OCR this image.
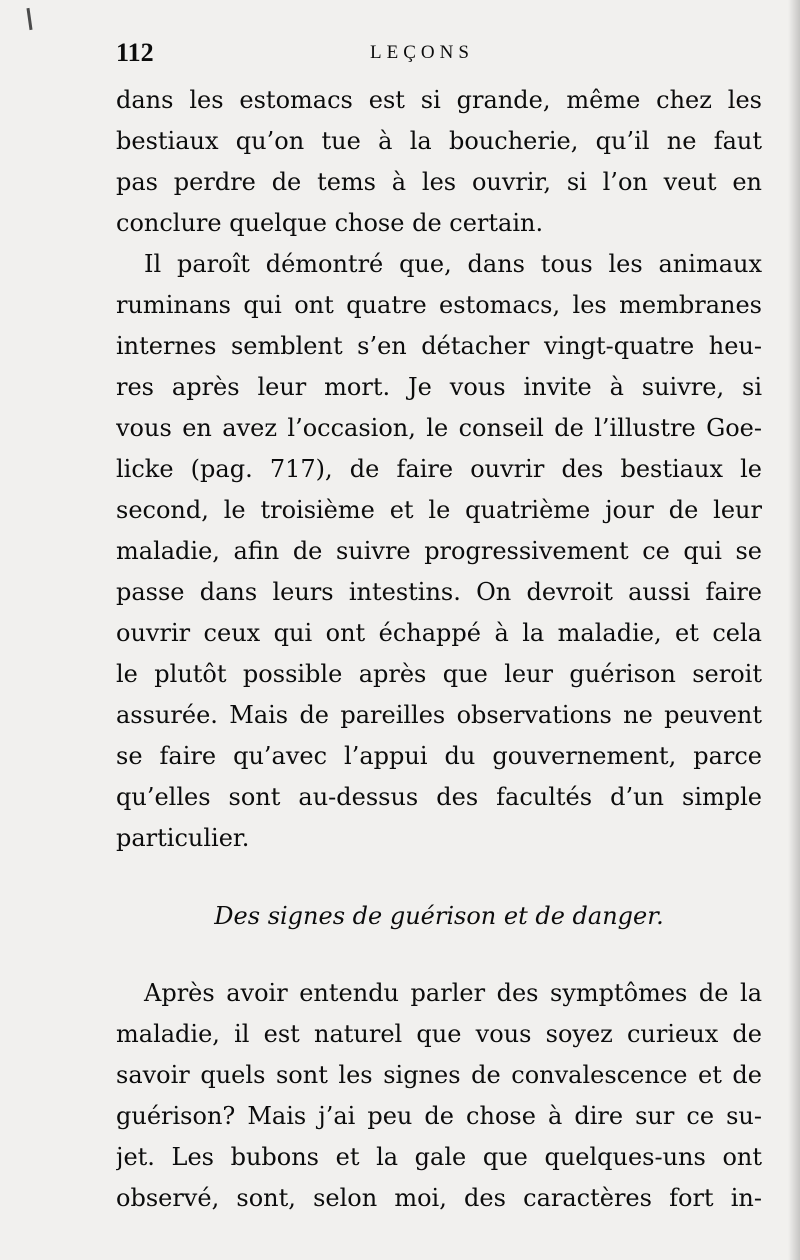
112	LEÇONS
dans les estomacs est si grande, même chez les
bestiaux qu’on tue à la boucherie, qu’il ne faut
pas perdre de tems à les ouvrir, si l’on veut en
conclure quelque chose de certain.
Il paroît démontré que, dans tous les animaux
ruminans qui ont quatre estomacs, les membranes
internes semblent s’en détacher vingt-quatre heu-
res après leur mort. Je vous invite à suivre, si
vous en avez l’occasion, le conseil de l’illustre Goe-
licke (pag. 717), de faire ouvrir des bestiaux le
second, le troisième et le quatrième jour de leur
maladie, afin de suivre progressivement ce qui se
passe dans leurs intestins. On devroit aussi faire
ouvrir ceux qui ont échappé à la maladie, et cela
le plutôt possible après que leur guérison seroit
assurée. Mais de pareilles observations ne peuvent
se faire qu’avec l’appui du gouvernement, parce
qu’elles sont au-dessus des facultés d’un simple
particulier.
Des signes de guérison et de danger.
Après avoir entendu parler des symptômes de la
maladie, il est naturel que vous soyez curieux de
savoir quels sont les signes de convalescence et de
guérison? Mais j’ai peu de chose à dire sur ce su-
jet. Les bubons et la gale que quelques-uns ont
observé, sont, selon moi, des caractères fort in-
